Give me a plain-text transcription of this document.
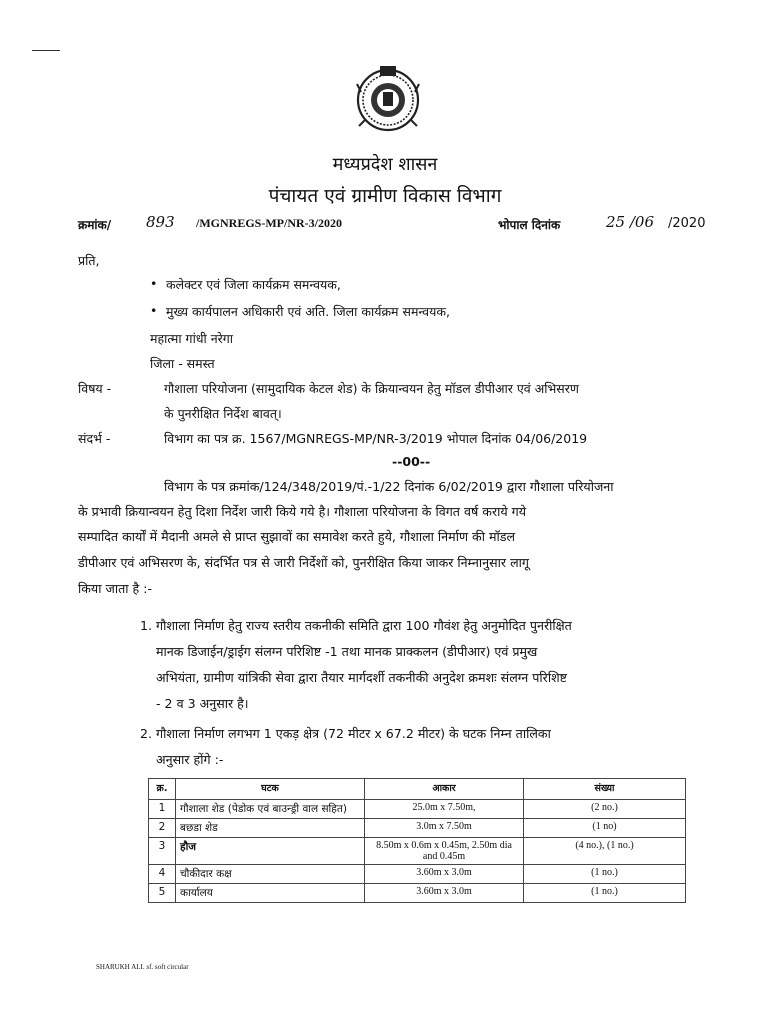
मध्यप्रदेश शासन
पंचायत एवं ग्रामीण विकास विभाग
क्रमांक/ 893 /MGNREGS-MP/NR-3/2020	भोपाल दिनांक	25 /06 /2020
प्रति,
• कलेक्टर एवं जिला कार्यक्रम समन्वयक,
• मुख्य कार्यपालन अधिकारी एवं अति. जिला कार्यक्रम समन्वयक,
महात्मा गांधी नरेगा
जिला - समस्त
विषय -	गौशाला परियोजना (सामुदायिक केटल शेड) के क्रियान्वयन हेतु मॉडल डीपीआर एवं अभिसरण
के पुनरीक्षित निर्देश बावत्।
संदर्भ -	विभाग का पत्र क्र. 1567/MGNREGS-MP/NR-3/2019 भोपाल दिनांक 04/06/2019
--00--
विभाग के पत्र क्रमांक/124/348/2019/पं.-1/22 दिनांक 6/02/2019 द्वारा गौशाला परियोजना
के प्रभावी क्रियान्वयन हेतु दिशा निर्देश जारी किये गये है। गौशाला परियोजना के विगत वर्ष कराये गये
सम्पादित कार्यों में मैदानी अमले से प्राप्त सुझावों का समावेश करते हुये, गौशाला निर्माण की मॉडल
डीपीआर एवं अभिसरण के, संदर्भित पत्र से जारी निर्देशों को, पुनरीक्षित किया जाकर निम्नानुसार लागू
किया जाता है :-
1. गौशाला निर्माण हेतु राज्य स्तरीय तकनीकी समिति द्वारा 100 गौवंश हेतु अनुमोदित पुनरीक्षित
मानक डिजाईन/ड्राईग संलग्न परिशिष्ट -1 तथा मानक प्राक्कलन (डीपीआर) एवं प्रमुख
अभियंता, ग्रामीण यांत्रिकी सेवा द्वारा तैयार मार्गदर्शी तकनीकी अनुदेश क्रमशः संलग्न परिशिष्ट
- 2 व 3 अनुसार है।
2. गौशाला निर्माण लगभग 1 एकड़ क्षेत्र (72 मीटर x 67.2 मीटर) के घटक निम्न तालिका
अनुसार होंगे :-
क्र.	घटक	आकार	संख्या
1	गौशाला शेड (पेडोक एवं बाउन्ड्री वाल सहित)	25.0m x 7.50m,	(2 no.)
2	बछडा शेड	3.0m x 7.50m	(1 no)
3	हौज	8.50m x 0.6m x 0.45m, 2.50m dia and 0.45m	(4 no.), (1 no.)
4	चौकीदार कक्ष	3.60m x 3.0m	(1 no.)
5	कार्यालय	3.60m x 3.0m	(1 no.)
SHARUKH ALI. sf. soft circular
